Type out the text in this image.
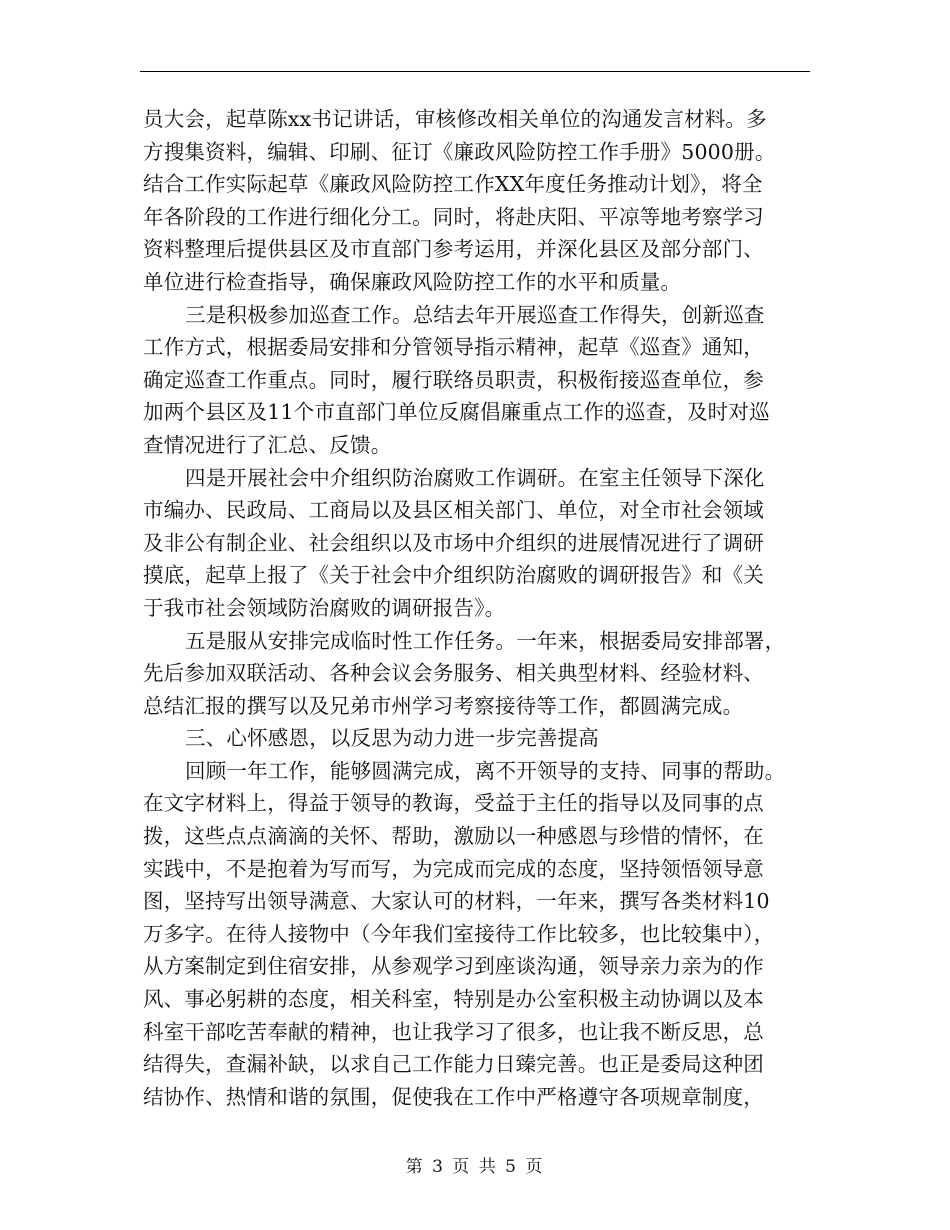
员大会，起草陈xx书记讲话，审核修改相关单位的沟通发言材料。多
方搜集资料，编辑、印刷、征订《廉政风险防控工作手册》5000册。
结合工作实际起草《廉政风险防控工作XX年度任务推动计划》，将全
年各阶段的工作进行细化分工。同时，将赴庆阳、平凉等地考察学习
资料整理后提供县区及市直部门参考运用，并深化县区及部分部门、
单位进行检查指导，确保廉政风险防控工作的水平和质量。
三是积极参加巡查工作。总结去年开展巡查工作得失，创新巡查
工作方式，根据委局安排和分管领导指示精神，起草《巡查》通知，
确定巡查工作重点。同时，履行联络员职责，积极衔接巡查单位，参
加两个县区及11个市直部门单位反腐倡廉重点工作的巡查，及时对巡
查情况进行了汇总、反馈。
四是开展社会中介组织防治腐败工作调研。在室主任领导下深化
市编办、民政局、工商局以及县区相关部门、单位，对全市社会领域
及非公有制企业、社会组织以及市场中介组织的进展情况进行了调研
摸底，起草上报了《关于社会中介组织防治腐败的调研报告》和《关
于我市社会领域防治腐败的调研报告》。
五是服从安排完成临时性工作任务。一年来，根据委局安排部署，
先后参加双联活动、各种会议会务服务、相关典型材料、经验材料、
总结汇报的撰写以及兄弟市州学习考察接待等工作，都圆满完成。
三、心怀感恩，以反思为动力进一步完善提高
回顾一年工作，能够圆满完成，离不开领导的支持、同事的帮助。
在文字材料上，得益于领导的教诲，受益于主任的指导以及同事的点
拨，这些点点滴滴的关怀、帮助，激励以一种感恩与珍惜的情怀，在
实践中，不是抱着为写而写，为完成而完成的态度，坚持领悟领导意
图，坚持写出领导满意、大家认可的材料，一年来，撰写各类材料10
万多字。在待人接物中（今年我们室接待工作比较多，也比较集中），
从方案制定到住宿安排，从参观学习到座谈沟通，领导亲力亲为的作
风、事必躬耕的态度，相关科室，特别是办公室积极主动协调以及本
科室干部吃苦奉献的精神，也让我学习了很多，也让我不断反思，总
结得失，查漏补缺，以求自己工作能力日臻完善。也正是委局这种团
结协作、热情和谐的氛围，促使我在工作中严格遵守各项规章制度，
第 3 页 共 5 页
